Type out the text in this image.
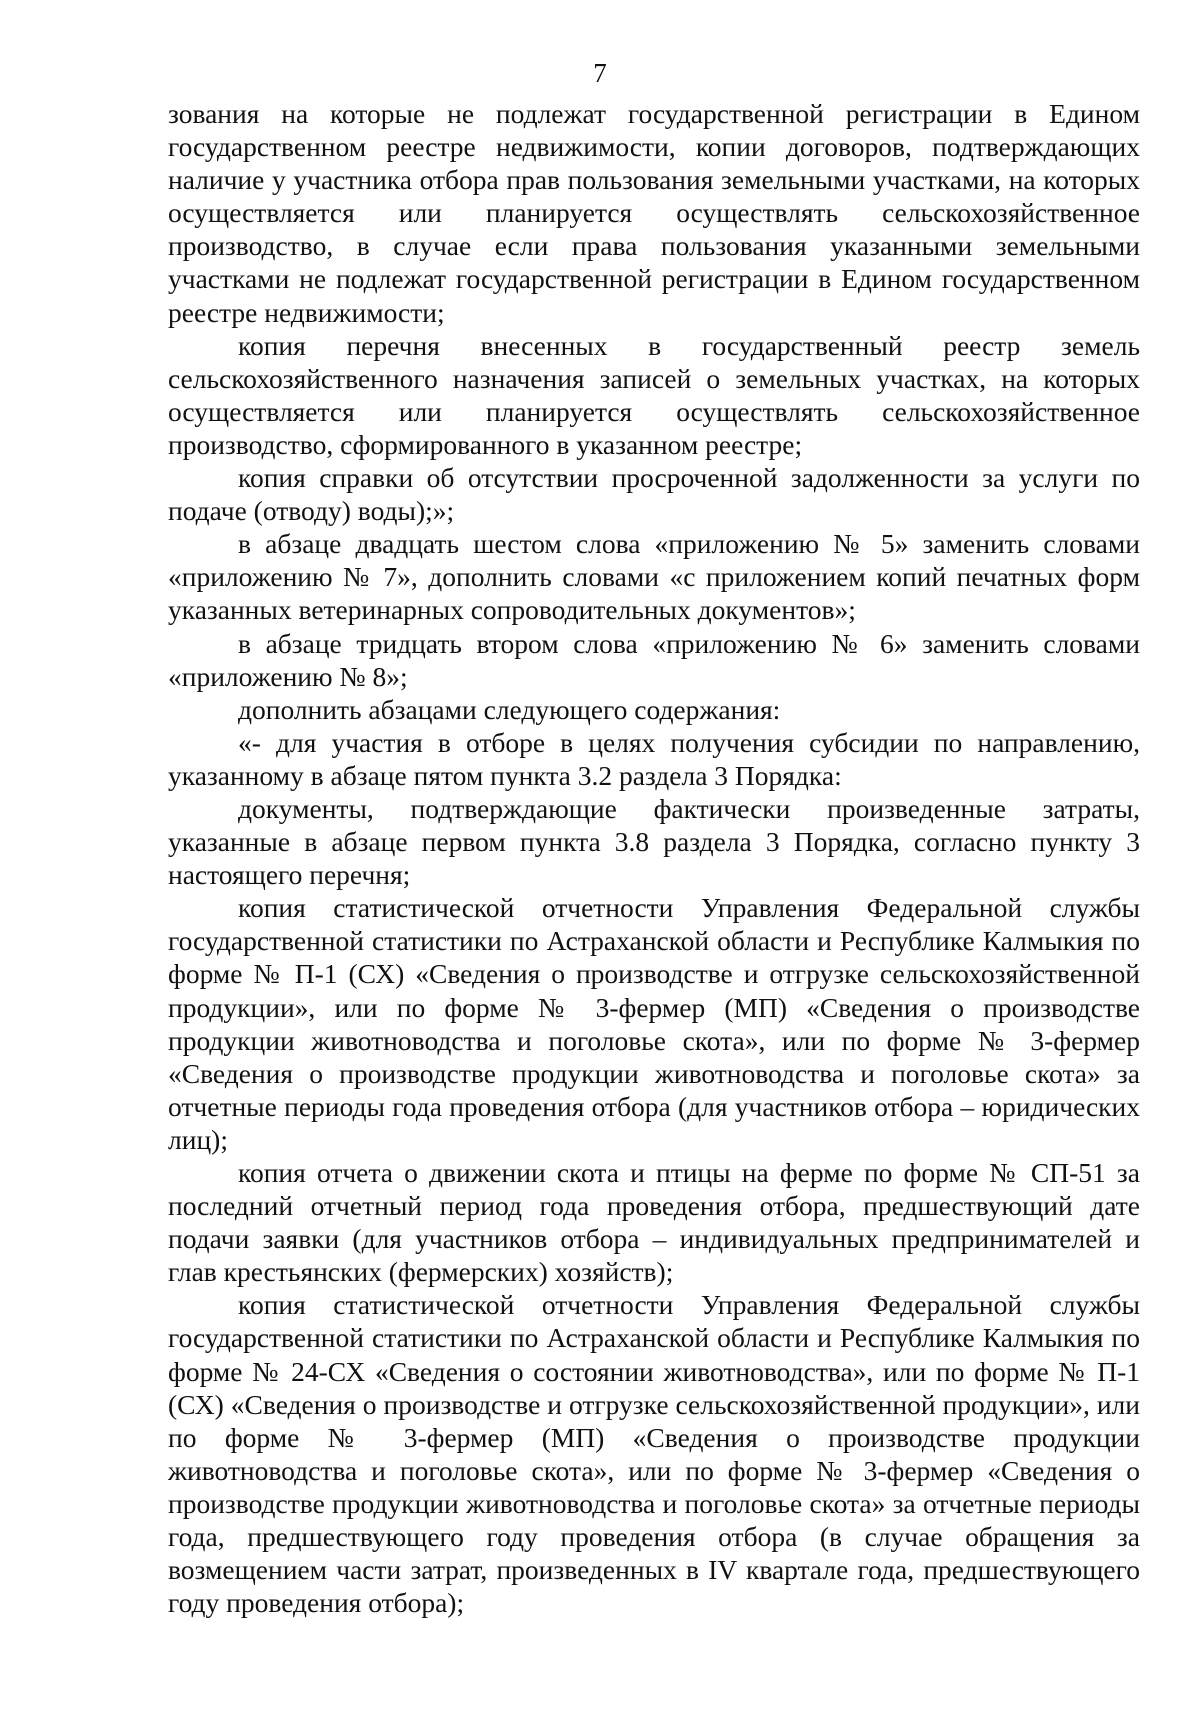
7

зования на которые не подлежат государственной регистрации в Едином государственном реестре недвижимости, копии договоров, подтверждающих наличие у участника отбора прав пользования земельными участками, на которых осуществляется или планируется осуществлять сельскохозяйственное производство, в случае если права пользования указанными земельными участками не подлежат государственной регистрации в Едином государственном реестре недвижимости;

копия перечня внесенных в государственный реестр земель сельскохозяйственного назначения записей о земельных участках, на которых осуществляется или планируется осуществлять сельскохозяйственное производство, сформированного в указанном реестре;

копия справки об отсутствии просроченной задолженности за услуги по подаче (отводу) воды);»;

в абзаце двадцать шестом слова «приложению № 5» заменить словами «приложению № 7», дополнить словами «с приложением копий печатных форм указанных ветеринарных сопроводительных документов»;

в абзаце тридцать втором слова «приложению № 6» заменить словами «приложению № 8»;

дополнить абзацами следующего содержания:

«- для участия в отборе в целях получения субсидии по направлению, указанному в абзаце пятом пункта 3.2 раздела 3 Порядка:

документы, подтверждающие фактически произведенные затраты, указанные в абзаце первом пункта 3.8 раздела 3 Порядка, согласно пункту 3 настоящего перечня;

копия статистической отчетности Управления Федеральной службы государственной статистики по Астраханской области и Республике Калмыкия по форме № П-1 (СХ) «Сведения о производстве и отгрузке сельскохозяйственной продукции», или по форме № 3-фермер (МП) «Сведения о производстве продукции животноводства и поголовье скота», или по форме № 3-фермер «Сведения о производстве продукции животноводства и поголовье скота» за отчетные периоды года проведения отбора (для участников отбора – юридических лиц);

копия отчета о движении скота и птицы на ферме по форме № СП-51 за последний отчетный период года проведения отбора, предшествующий дате подачи заявки (для участников отбора – индивидуальных предпринимателей и глав крестьянских (фермерских) хозяйств);

копия статистической отчетности Управления Федеральной службы государственной статистики по Астраханской области и Республике Калмыкия по форме № 24-СХ «Сведения о состоянии животноводства», или по форме № П-1 (СХ) «Сведения о производстве и отгрузке сельскохозяйственной продукции», или по форме № 3-фермер (МП) «Сведения о производстве продукции животноводства и поголовье скота», или по форме № 3-фермер «Сведения о производстве продукции животноводства и поголовье скота» за отчетные периоды года, предшествующего году проведения отбора (в случае обращения за возмещением части затрат, произведенных в IV квартале года, предшествующего году проведения отбора);
